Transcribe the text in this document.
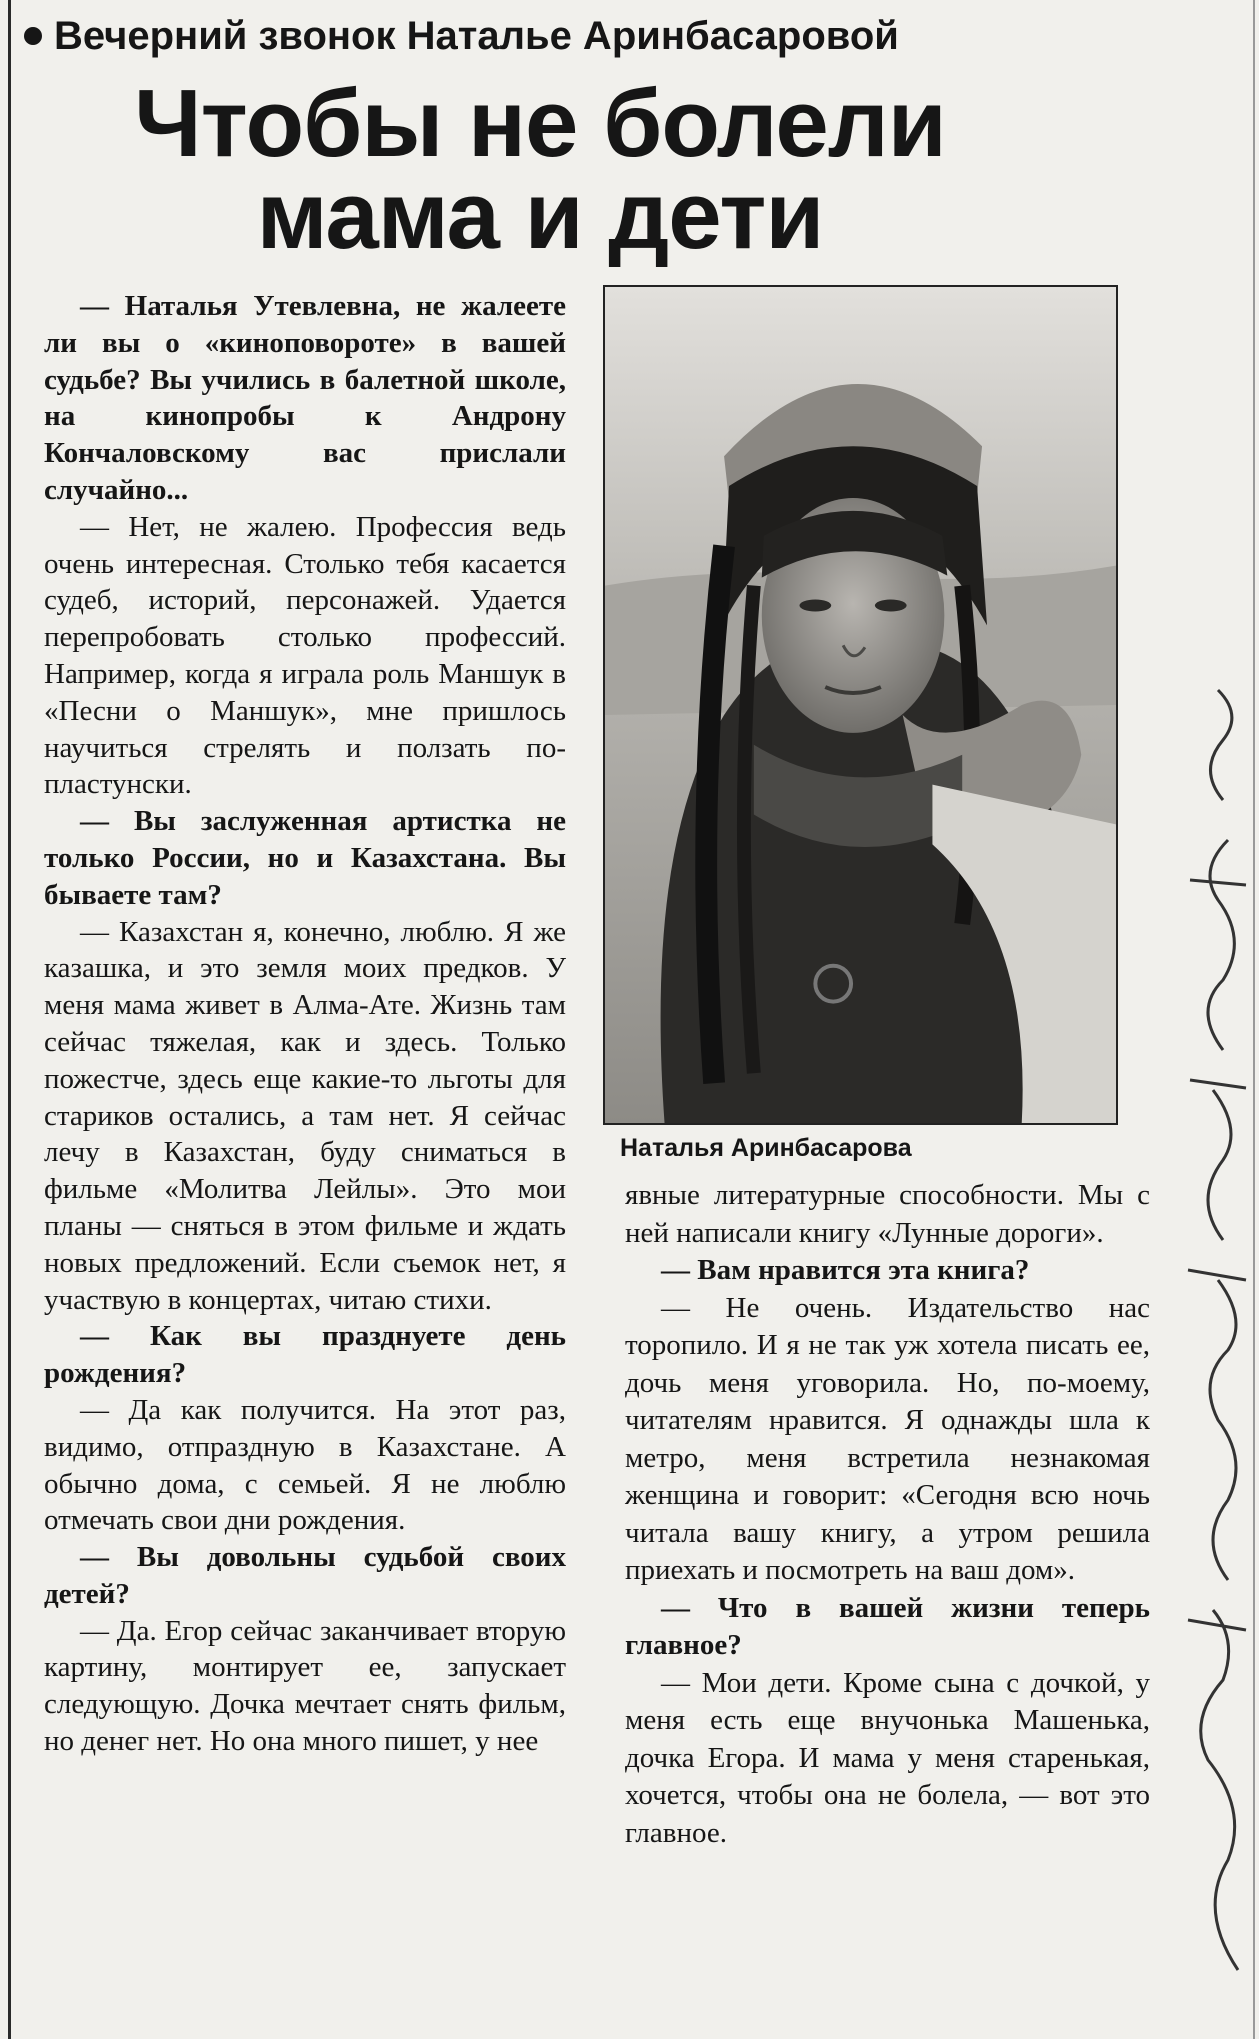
Вечерний звонок Наталье Аринбасаровой
Чтобы не болели
мама и дети

— Наталья Утевлевна, не жалеете ли вы о «киноповороте» в вашей судьбе? Вы учились в балетной школе, на кинопробы к Андрону Кончаловскому вас прислали случайно...

— Нет, не жалею. Профессия ведь очень интересная. Столько тебя касается судеб, историй, персонажей. Удается перепробовать столько профессий. Например, когда я играла роль Маншук в «Песни о Маншук», мне пришлось научиться стрелять и ползать по-пластунски.

— Вы заслуженная артистка не только России, но и Казахстана. Вы бываете там?

— Казахстан я, конечно, люблю. Я же казашка, и это земля моих предков. У меня мама живет в Алма-Ате. Жизнь там сейчас тяжелая, как и здесь. Только пожестче, здесь еще какие-то льготы для стариков остались, а там нет. Я сейчас лечу в Казахстан, буду сниматься в фильме «Молитва Лейлы». Это мои планы — сняться в этом фильме и ждать новых предложений. Если съемок нет, я участвую в концертах, читаю стихи.

— Как вы празднуете день рождения?

— Да как получится. На этот раз, видимо, отпраздную в Казахстане. А обычно дома, с семьей. Я не люблю отмечать свои дни рождения.

— Вы довольны судьбой своих детей?

— Да. Егор сейчас заканчивает вторую картину, монтирует ее, запускает следующую. Дочка мечтает снять фильм, но денег нет. Но она много пишет, у нее

Наталья Аринбасарова

явные литературные способности. Мы с ней написали книгу «Лунные дороги».

— Вам нравится эта книга?

— Не очень. Издательство нас торопило. И я не так уж хотела писать ее, дочь меня уговорила. Но, по-моему, читателям нравится. Я однажды шла к метро, меня встретила незнакомая женщина и говорит: «Сегодня всю ночь читала вашу книгу, а утром решила приехать и посмотреть на ваш дом».

— Что в вашей жизни теперь главное?

— Мои дети. Кроме сына с дочкой, у меня есть еще внучонька Машенька, дочка Егора. И мама у меня старенькая, хочется, чтобы она не болела, — вот это главное.
